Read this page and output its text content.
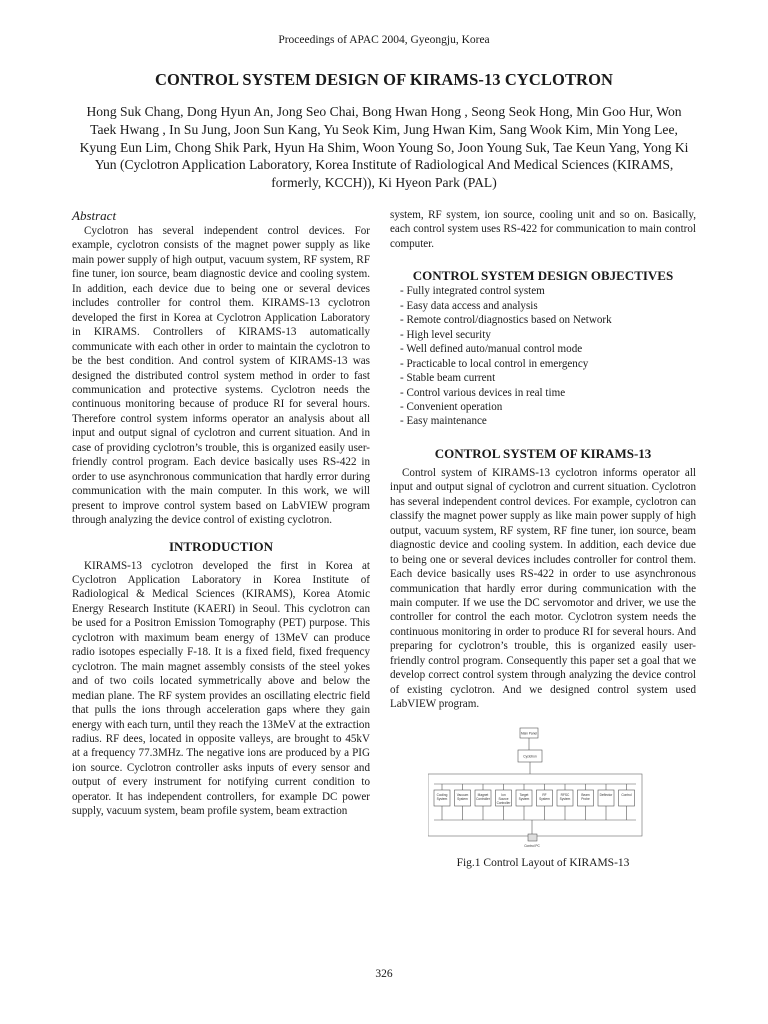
Proceedings of APAC 2004, Gyeongju, Korea
CONTROL SYSTEM DESIGN OF KIRAMS-13 CYCLOTRON
Hong Suk Chang, Dong Hyun An, Jong Seo Chai, Bong Hwan Hong , Seong Seok Hong, Min Goo Hur, Won Taek Hwang , In Su Jung, Joon Sun Kang, Yu Seok Kim, Jung Hwan Kim, Sang Wook Kim, Min Yong Lee, Kyung Eun Lim, Chong Shik Park, Hyun Ha Shim, Woon Young So, Joon Young Suk, Tae Keun Yang, Yong Ki Yun (Cyclotron Application Laboratory, Korea Institute of Radiological And Medical Sciences (KIRAMS, formerly, KCCH)), Ki Hyeon Park (PAL)
Abstract

Cyclotron has several independent control devices. For example, cyclotron consists of the magnet power supply as like main power supply of high output, vacuum system, RF system, RF fine tuner, ion source, beam diagnostic device and cooling system. In addition, each device due to being one or several devices includes controller for control them. KIRAMS-13 cyclotron developed the first in Korea at Cyclotron Application Laboratory in KIRAMS. Controllers of KIRAMS-13 automatically communicate with each other in order to maintain the cyclotron to be the best condition. And control system of KIRAMS-13 was designed the distributed control system method in order to fast communication and protective systems. Cyclotron needs the continuous monitoring because of produce RI for several hours. Therefore control system informs operator an analysis about all input and output signal of cyclotron and current situation. And in case of providing cyclotron’s trouble, this is organized easily user-friendly control program. Each device basically uses RS-422 in order to use asynchronous communication that hardly error during communication with the main computer. In this work, we will present to improve control system based on LabVIEW program through analyzing the device control of existing cyclotron.

INTRODUCTION

KIRAMS-13 cyclotron developed the first in Korea at Cyclotron Application Laboratory in Korea Institute of Radiological & Medical Sciences (KIRAMS), Korea Atomic Energy Research Institute (KAERI) in Seoul. This cyclotron can be used for a Positron Emission Tomography (PET) purpose. This cyclotron with maximum beam energy of 13MeV can produce radio isotopes especially F-18. It is a fixed field, fixed frequency cyclotron. The main magnet assembly consists of the steel yokes and of two coils located symmetrically above and below the median plane. The RF system provides an oscillating electric field that pulls the ions through acceleration gaps where they gain energy with each turn, until they reach the 13MeV at the extraction radius. RF dees, located in opposite valleys, are brought to 45kV at a frequency 77.3MHz. The negative ions are produced by a PIG ion source. Cyclotron controller asks inputs of every sensor and output of every instrument for notifying current condition to operator. It has independent controllers, for example DC power supply, vacuum system, beam profile system, beam extraction

system, RF system, ion source, cooling unit and so on. Basically, each control system uses RS-422 for communication to main control computer.

CONTROL SYSTEM DESIGN OBJECTIVES
- Fully integrated control system
- Easy data access and analysis
- Remote control/diagnostics based on Network
- High level security
- Well defined auto/manual control mode
- Practicable to local control in emergency
- Stable beam current
- Control various devices in real time
- Convenient operation
- Easy maintenance
CONTROL SYSTEM OF KIRAMS-13

Control system of KIRAMS-13 cyclotron informs operator all input and output signal of cyclotron and current situation. Cyclotron has several independent control devices. For example, cyclotron can classify the magnet power supply as like main power supply of high output, vacuum system, RF system, RF fine tuner, ion source, beam diagnostic device and cooling system. In addition, each device due to being one or several devices includes controller for control them. Each device basically uses RS-422 in order to use asynchronous communication that hardly error during communication with the main computer. If we use the DC servomotor and driver, we use the controller for control the each motor. Cyclotron system needs the continuous monitoring in order to produce RI for several hours. And preparing for cyclotron’s trouble, this is organized easily user-friendly control program. Consequently this paper set a goal that we develop correct control system through analyzing the device control of existing cyclotron. And we designed control system used LabVIEW program.

Main Panel
Cyclotron
Cooling
System
Vacuum
System
Magnet
Controller
Ion
Source
Controller
Target
System
RF
System
RFSC
System
Beam
Probe
Deflector	Control
Control PC
Fig.1 Control Layout of KIRAMS-13
326
